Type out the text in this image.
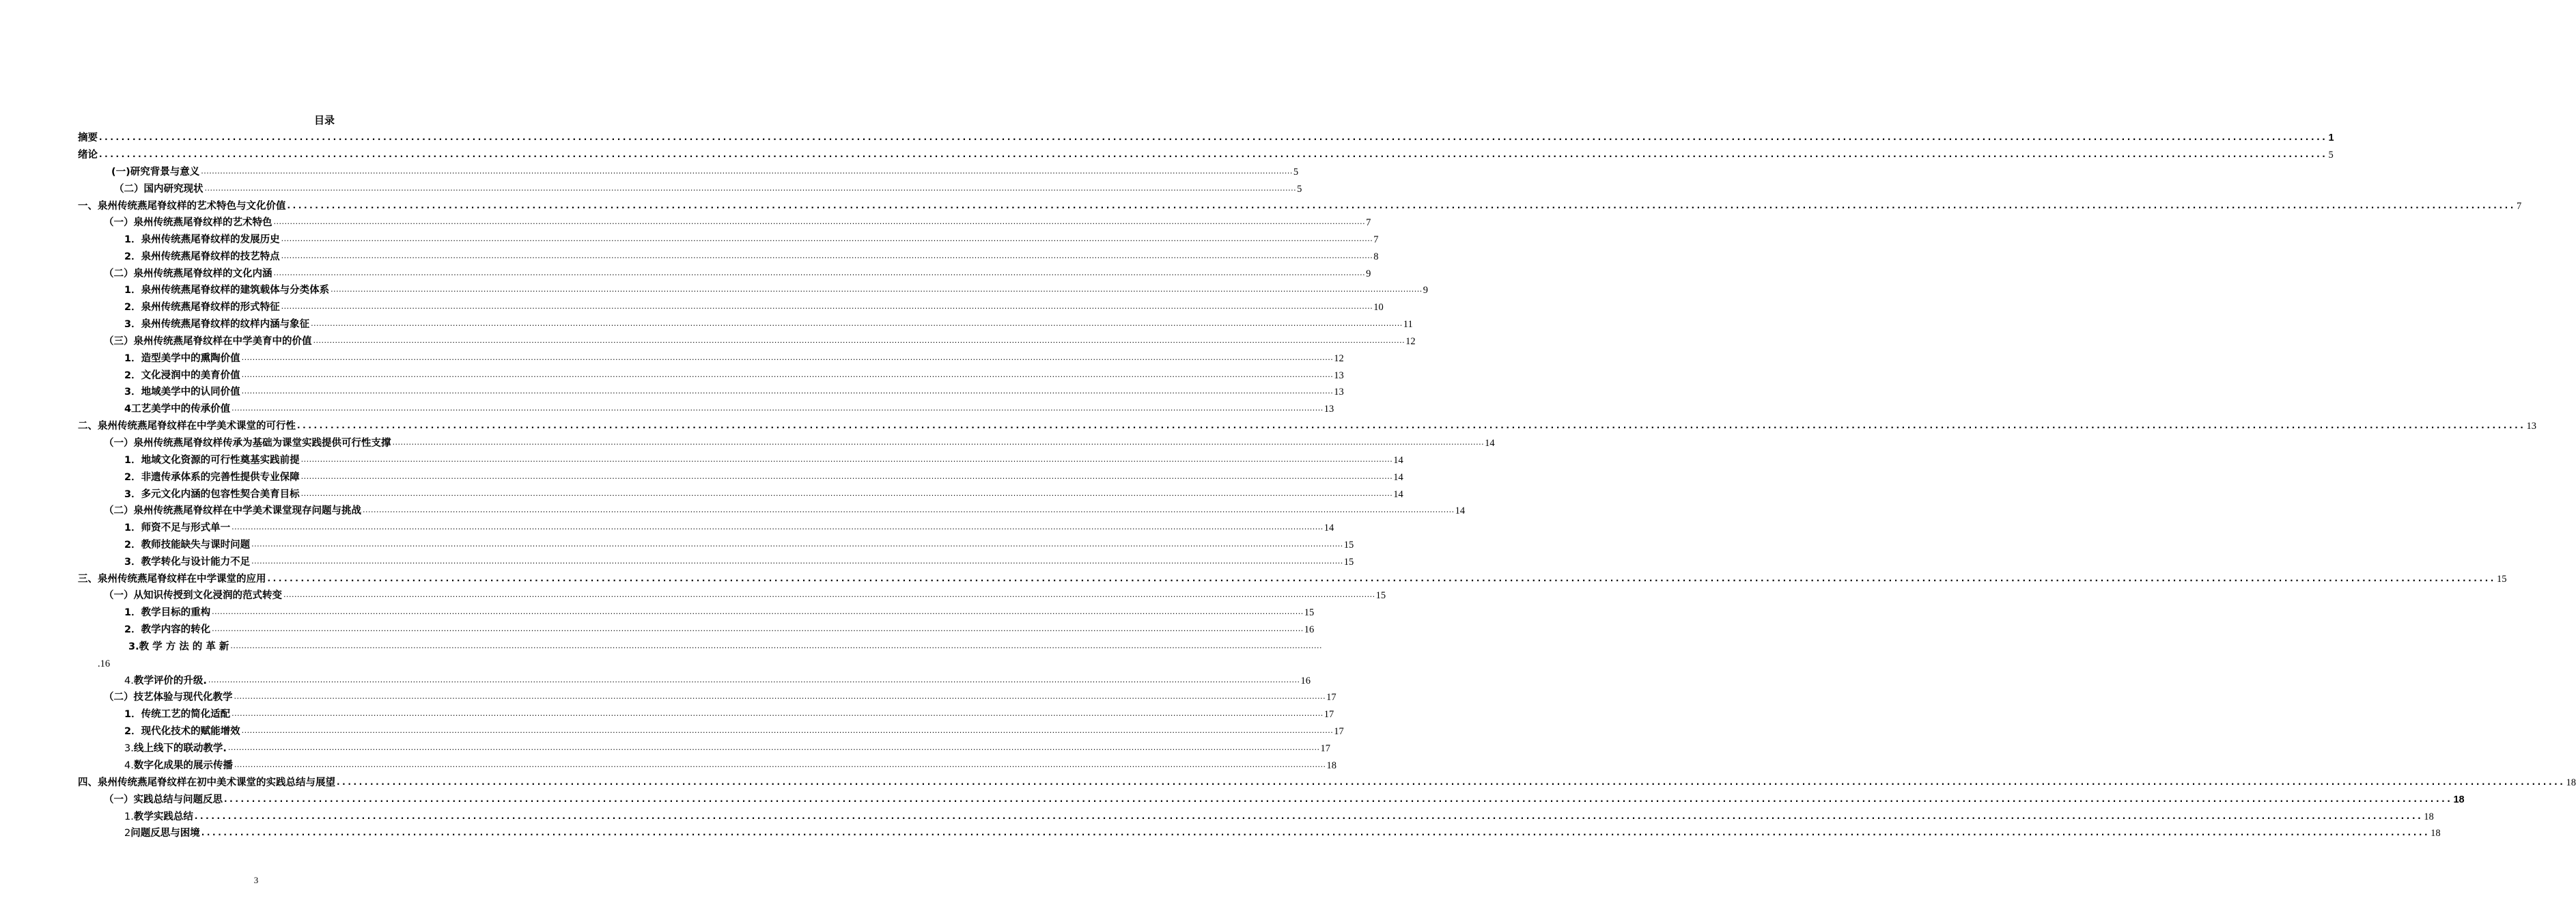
目录
摘要 ................................................................................................................................................................................................................................................................................................................................................................................................................ 1
绪论 ................................................................................................................................................................................................................................................................................................................................................................................................................ 5
(一)研究背景与意义 ................................................................................................................................................................................................................................................................................................................................................................................................................ 5
（二）国内研究现状 ................................................................................................................................................................................................................................................................................................................................................................................................................ 5
一、 泉州传统燕尾脊纹样的艺术特色与文化价值 ................................................................................................................................................................................................................................................................................................................................................................................................................ 7
（一） 泉州传统燕尾脊纹样的艺术特色 ................................................................................................................................................................................................................................................................................................................................................................................................................ 7
1． 泉州传统燕尾脊纹样的发展历史 ................................................................................................................................................................................................................................................................................................................................................................................................................ 7
2． 泉州传统燕尾脊纹样的技艺特点 ................................................................................................................................................................................................................................................................................................................................................................................................................ 8
（二） 泉州传统燕尾脊纹样的文化内涵 ................................................................................................................................................................................................................................................................................................................................................................................................................ 9
1． 泉州传统燕尾脊纹样的建筑载体与分类体系 ................................................................................................................................................................................................................................................................................................................................................................................................................ 9
2． 泉州传统燕尾脊纹样的形式特征 ................................................................................................................................................................................................................................................................................................................................................................................................................ 10
3． 泉州传统燕尾脊纹样的纹样内涵与象征 ................................................................................................................................................................................................................................................................................................................................................................................................................ 11
（三） 泉州传统燕尾脊纹样在中学美育中的价值 ................................................................................................................................................................................................................................................................................................................................................................................................................ 12
1． 造型美学中的熏陶价值 ................................................................................................................................................................................................................................................................................................................................................................................................................ 12
2． 文化浸润中的美育价值 ................................................................................................................................................................................................................................................................................................................................................................................................................ 13
3． 地域美学中的认同价值 ................................................................................................................................................................................................................................................................................................................................................................................................................ 13
4 工艺美学中的传承价值 ................................................................................................................................................................................................................................................................................................................................................................................................................ 13
二、 泉州传统燕尾脊纹样在中学美术课堂的可行性 ................................................................................................................................................................................................................................................................................................................................................................................................................ 13
（一） 泉州传统燕尾脊纹样传承为基础为课堂实践提供可行性支撑 ................................................................................................................................................................................................................................................................................................................................................................................................................ 14
1． 地域文化资源的可行性奠基实践前提 ................................................................................................................................................................................................................................................................................................................................................................................................................ 14
2． 非遗传承体系的完善性提供专业保障 ................................................................................................................................................................................................................................................................................................................................................................................................................ 14
3． 多元文化内涵的包容性契合美育目标 ................................................................................................................................................................................................................................................................................................................................................................................................................ 14
（二） 泉州传统燕尾脊纹样在中学美术课堂现存问题与挑战 ................................................................................................................................................................................................................................................................................................................................................................................................................ 14
1． 师资不足与形式单一 ................................................................................................................................................................................................................................................................................................................................................................................................................ 14
2． 教师技能缺失与课时问题 ................................................................................................................................................................................................................................................................................................................................................................................................................ 15
3． 教学转化与设计能力不足 ................................................................................................................................................................................................................................................................................................................................................................................................................ 15
三、 泉州传统燕尾脊纹样在中学课堂的应用 ................................................................................................................................................................................................................................................................................................................................................................................................................ 15
（一） 从知识传授到文化浸润的范式转变 ................................................................................................................................................................................................................................................................................................................................................................................................................ 15
1． 教学目标的重构 ................................................................................................................................................................................................................................................................................................................................................................................................................ 15
2． 教学内容的转化 ................................................................................................................................................................................................................................................................................................................................................................................................................ 16
3. 教 学 方 法 的 革 新 ................................................................................................................................................................................................................................................................................................................................................................................................................
4. 教学评价的升级. ................................................................................................................................................................................................................................................................................................................................................................................................................ 16
（二） 技艺体验与现代化教学 ................................................................................................................................................................................................................................................................................................................................................................................................................ 17
1． 传统工艺的简化适配 ................................................................................................................................................................................................................................................................................................................................................................................................................ 17
2． 现代化技术的赋能增效 ................................................................................................................................................................................................................................................................................................................................................................................................................ 17
3. 线上线下的联动教学. ................................................................................................................................................................................................................................................................................................................................................................................................................ 17
4. 数字化成果的展示传播 ................................................................................................................................................................................................................................................................................................................................................................................................................ 18
四、 泉州传统燕尾脊纹样在初中美术课堂的实践总结与展望 ................................................................................................................................................................................................................................................................................................................................................................................................................ 18
（一）实践总结与问题反思 ................................................................................................................................................................................................................................................................................................................................................................................................................ 18
1. 教学实践总结 ................................................................................................................................................................................................................................................................................................................................................................................................................ 18
2 问题反思与困境 ................................................................................................................................................................................................................................................................................................................................................................................................................ 18
.16
3
